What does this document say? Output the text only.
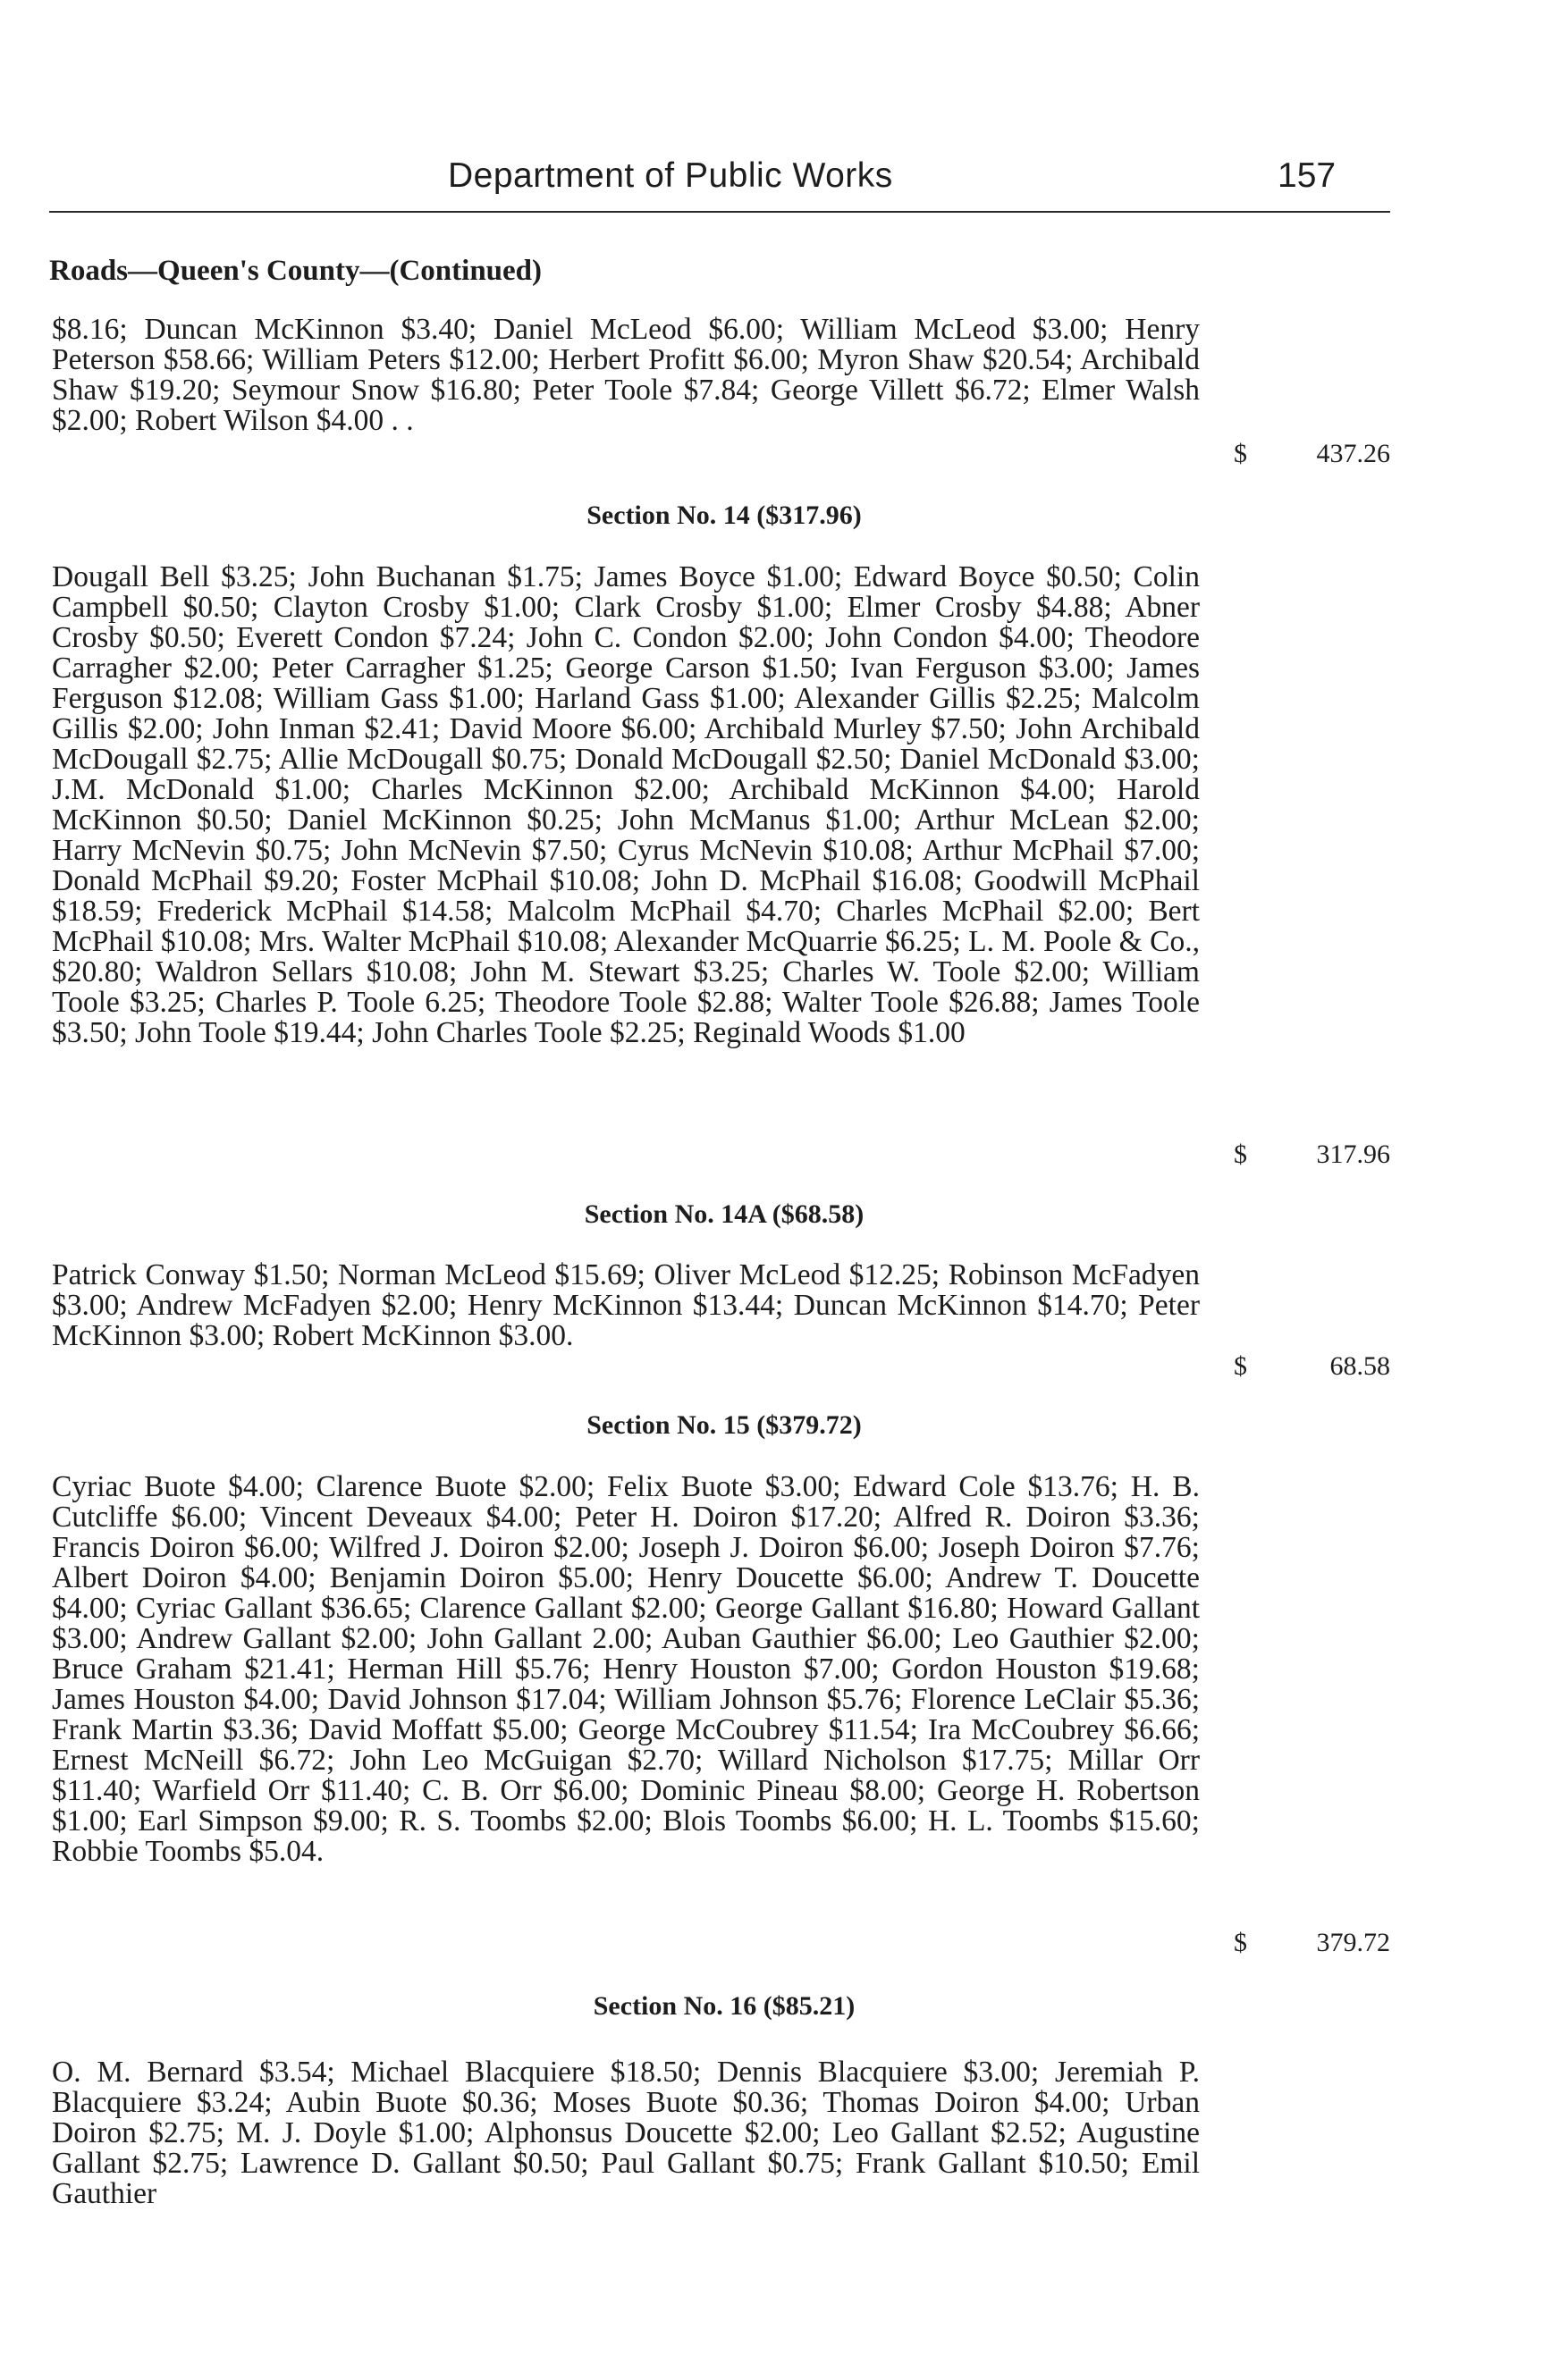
Department of Public Works	157
Roads—Queen's County—(Continued)
$8.16; Duncan McKinnon $3.40; Daniel McLeod $6.00; William McLeod $3.00; Henry Peterson $58.66; William Peters $12.00; Herbert Profitt $6.00; Myron Shaw $20.54; Archibald Shaw $19.20; Seymour Snow $16.80; Peter Toole $7.84; George Villett $6.72; Elmer Walsh $2.00; Robert Wilson $4.00 . .
$	437.26
Section No. 14 ($317.96)
Dougall Bell $3.25; John Buchanan $1.75; James Boyce $1.00; Edward Boyce $0.50; Colin Campbell $0.50; Clayton Crosby $1.00; Clark Crosby $1.00; Elmer Crosby $4.88; Abner Crosby $0.50; Everett Condon $7.24; John C. Condon $2.00; John Condon $4.00; Theodore Carragher $2.00; Peter Carragher $1.25; George Carson $1.50; Ivan Ferguson $3.00; James Ferguson $12.08; William Gass $1.00; Harland Gass $1.00; Alexander Gillis $2.25; Malcolm Gillis $2.00; John Inman $2.41; David Moore $6.00; Archibald Murley $7.50; John Archibald McDougall $2.75; Allie McDougall $0.75; Donald McDougall $2.50; Daniel McDonald $3.00; J.M. McDonald $1.00; Charles McKinnon $2.00; Archibald McKinnon $4.00; Harold McKinnon $0.50; Daniel McKinnon $0.25; John McManus $1.00; Arthur McLean $2.00; Harry McNevin $0.75; John McNevin $7.50; Cyrus McNevin $10.08; Arthur McPhail $7.00; Donald McPhail $9.20; Foster McPhail $10.08; John D. McPhail $16.08; Goodwill McPhail $18.59; Frederick McPhail $14.58; Malcolm McPhail $4.70; Charles McPhail $2.00; Bert McPhail $10.08; Mrs. Walter McPhail $10.08; Alexander McQuarrie $6.25; L. M. Poole & Co., $20.80; Waldron Sellars $10.08; John M. Stewart $3.25; Charles W. Toole $2.00; William Toole $3.25; Charles P. Toole 6.25; Theodore Toole $2.88; Walter Toole $26.88; James Toole $3.50; John Toole $19.44; John Charles Toole $2.25; Reginald Woods $1.00
$	317.96
Section No. 14A ($68.58)
Patrick Conway $1.50; Norman McLeod $15.69; Oliver McLeod $12.25; Robinson McFadyen $3.00; Andrew McFadyen $2.00; Henry McKinnon $13.44; Duncan McKinnon $14.70; Peter McKinnon $3.00; Robert McKinnon $3.00.
$	68.58
Section No. 15 ($379.72)
Cyriac Buote $4.00; Clarence Buote $2.00; Felix Buote $3.00; Edward Cole $13.76; H. B. Cutcliffe $6.00; Vincent Deveaux $4.00; Peter H. Doiron $17.20; Alfred R. Doiron $3.36; Francis Doiron $6.00; Wilfred J. Doiron $2.00; Joseph J. Doiron $6.00; Joseph Doiron $7.76; Albert Doiron $4.00; Benjamin Doiron $5.00; Henry Doucette $6.00; Andrew T. Doucette $4.00; Cyriac Gallant $36.65; Clarence Gallant $2.00; George Gallant $16.80; Howard Gallant $3.00; Andrew Gallant $2.00; John Gallant 2.00; Auban Gauthier $6.00; Leo Gauthier $2.00; Bruce Graham $21.41; Herman Hill $5.76; Henry Houston $7.00; Gordon Houston $19.68; James Houston $4.00; David Johnson $17.04; William Johnson $5.76; Florence LeClair $5.36; Frank Martin $3.36; David Moffatt $5.00; George McCoubrey $11.54; Ira McCoubrey $6.66; Ernest McNeill $6.72; John Leo McGuigan $2.70; Willard Nicholson $17.75; Millar Orr $11.40; Warfield Orr $11.40; C. B. Orr $6.00; Dominic Pineau $8.00; George H. Robertson $1.00; Earl Simpson $9.00; R. S. Toombs $2.00; Blois Toombs $6.00; H. L. Toombs $15.60; Robbie Toombs $5.04.
$	379.72
Section No. 16 ($85.21)
O. M. Bernard $3.54; Michael Blacquiere $18.50; Dennis Blacquiere $3.00; Jeremiah P. Blacquiere $3.24; Aubin Buote $0.36; Moses Buote $0.36; Thomas Doiron $4.00; Urban Doiron $2.75; M. J. Doyle $1.00; Alphonsus Doucette $2.00; Leo Gallant $2.52; Augustine Gallant $2.75; Lawrence D. Gallant $0.50; Paul Gallant $0.75; Frank Gallant $10.50; Emil Gauthier
